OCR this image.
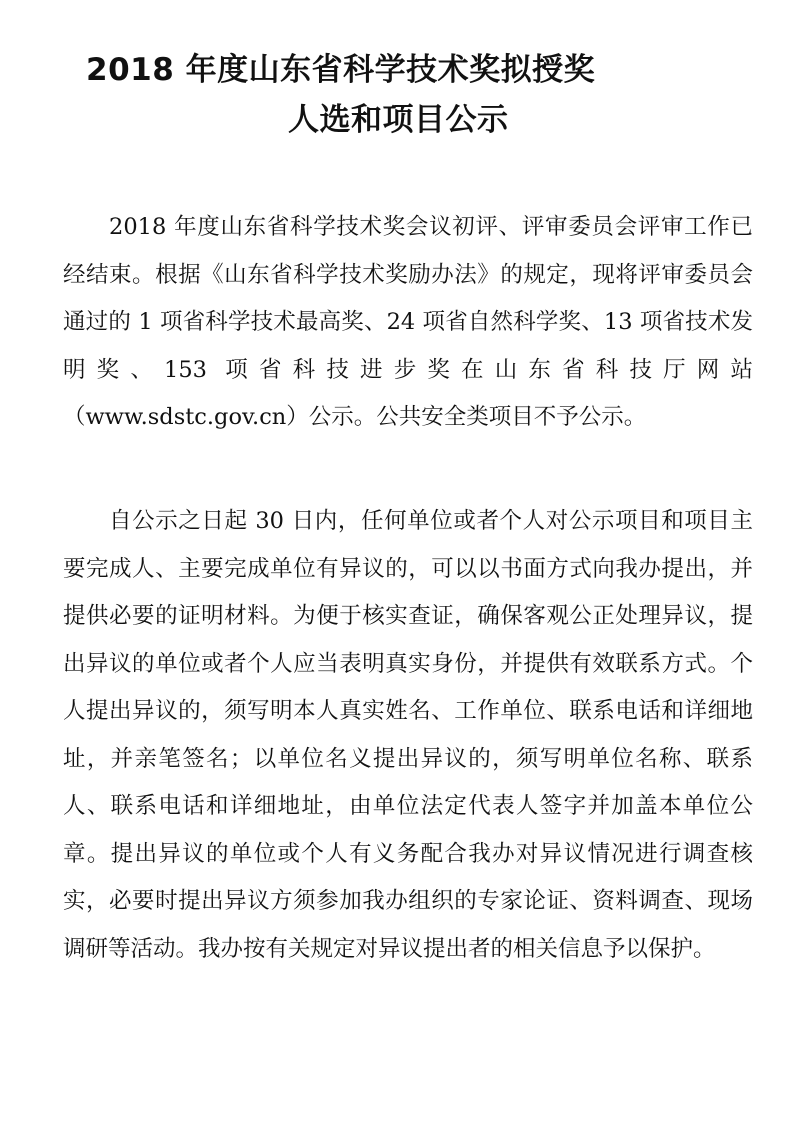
2018 年度山东省科学技术奖拟授奖
人选和项目公示

2018 年度山东省科学技术奖会议初评、评审委员会评审工作已经结束。根据《山东省科学技术奖励办法》的规定，现将评审委员会通过的 1 项省科学技术最高奖、24 项省自然科学奖、13 项省技术发明奖、153 项省科技进步奖在山东省科技厅网站（www.sdstc.gov.cn）公示。公共安全类项目不予公示。

自公示之日起 30 日内，任何单位或者个人对公示项目和项目主要完成人、主要完成单位有异议的，可以以书面方式向我办提出，并提供必要的证明材料。为便于核实查证，确保客观公正处理异议，提出异议的单位或者个人应当表明真实身份，并提供有效联系方式。个人提出异议的，须写明本人真实姓名、工作单位、联系电话和详细地址，并亲笔签名；以单位名义提出异议的，须写明单位名称、联系人、联系电话和详细地址，由单位法定代表人签字并加盖本单位公章。提出异议的单位或个人有义务配合我办对异议情况进行调查核实，必要时提出异议方须参加我办组织的专家论证、资料调查、现场调研等活动。我办按有关规定对异议提出者的相关信息予以保护。
